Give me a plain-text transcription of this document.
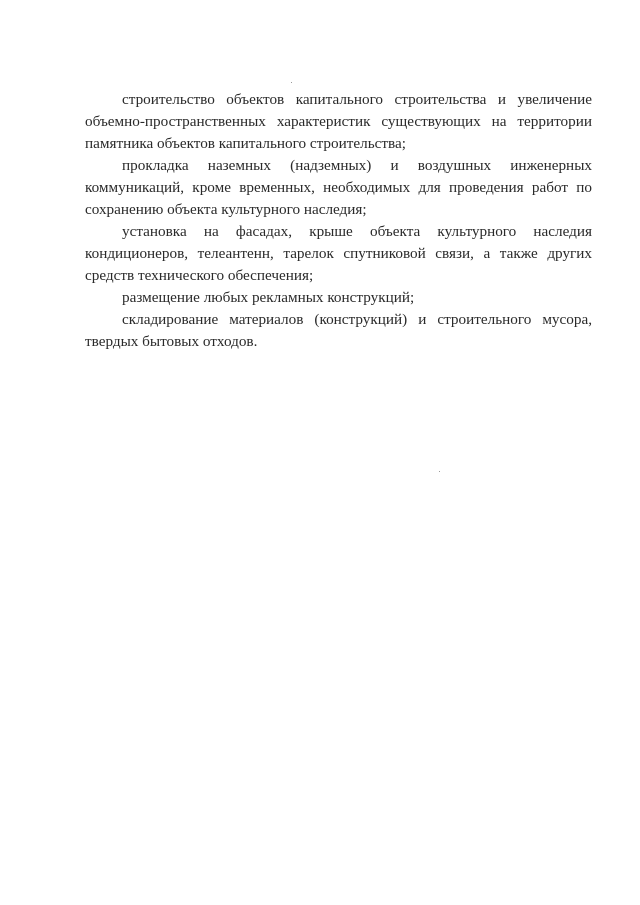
строительство объектов капитального строительства и увеличение объемно-пространственных характеристик существующих на территории памятника объектов капитального строительства;

прокладка наземных (надземных) и воздушных инженерных коммуникаций, кроме временных, необходимых для проведения работ по сохранению объекта культурного наследия;

установка на фасадах, крыше объекта культурного наследия кондиционеров, телеантенн, тарелок спутниковой связи, а также других средств технического обеспечения;

размещение любых рекламных конструкций;

складирование материалов (конструкций) и строительного мусора, твердых бытовых отходов.
